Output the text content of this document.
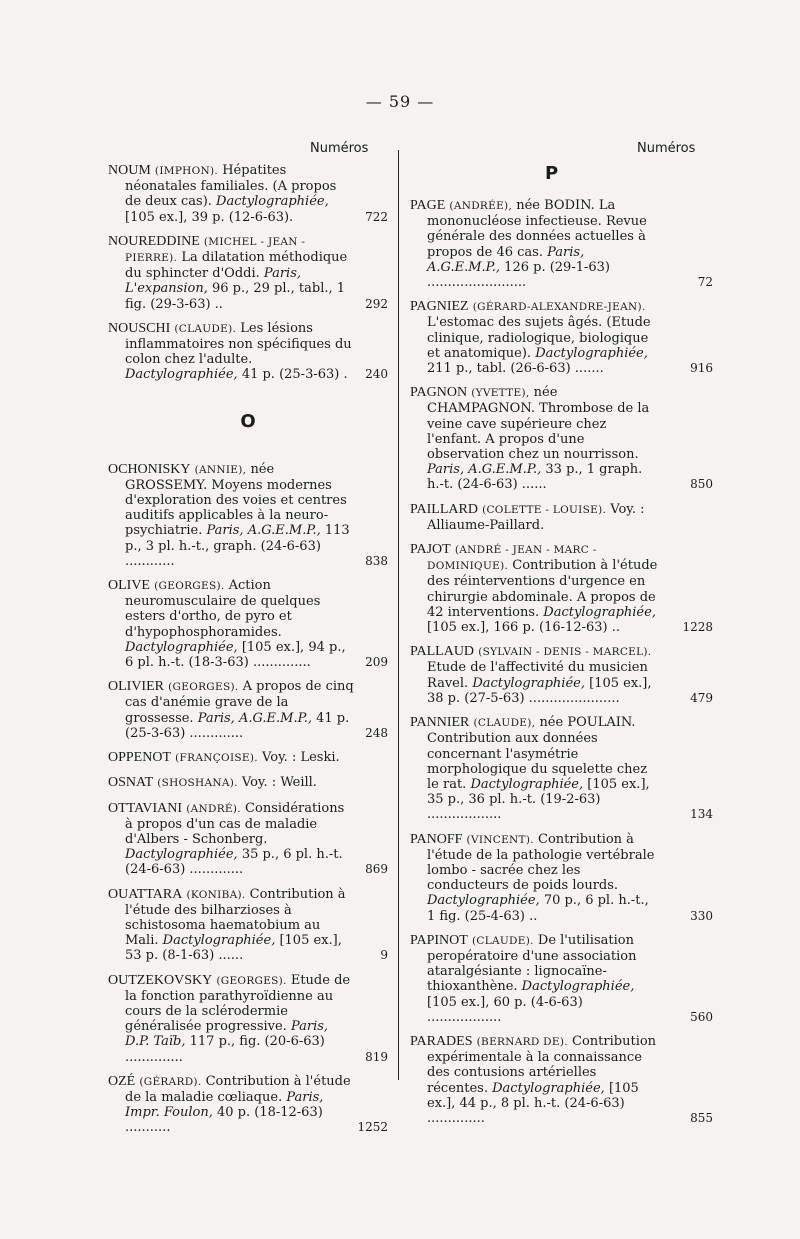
— 59 —
Numéros	Numéros
NOUM (IMPHON). Hépatites néonatales familiales. (A propos de deux cas). Dactylographiée, [105 ex.], 39 p. (12-6-63).	722
NOUREDDINE (MICHEL - JEAN - PIERRE). La dilatation méthodique du sphincter d'Oddi. Paris, L'expansion, 96 p., 29 pl., tabl., 1 fig. (29-3-63) ..	292
NOUSCHI (CLAUDE). Les lésions inflammatoires non spécifiques du colon chez l'adulte. Dactylographiée, 41 p. (25-3-63) .	240
O
OCHONISKY (ANNIE), née GROSSEMY. Moyens modernes d'exploration des voies et centres auditifs applicables à la neuro-psychiatrie. Paris, A.G.E.M.P., 113 p., 3 pl. h.-t., graph. (24-6-63) ............	838
OLIVE (GEORGES). Action neuromusculaire de quelques esters d'ortho, de pyro et d'hypophosphoramides. Dactylographiée, [105 ex.], 94 p., 6 pl. h.-t. (18-3-63) ..............	209
OLIVIER (GEORGES). A propos de cinq cas d'anémie grave de la grossesse. Paris, A.G.E.M.P., 41 p. (25-3-63) .............	248
OPPENOT (FRANÇOISE). Voy. : Leski.
OSNAT (SHOSHANA). Voy. : Weill.
OTTAVIANI (ANDRÉ). Considérations à propos d'un cas de maladie d'Albers - Schonberg. Dactylographiée, 35 p., 6 pl. h.-t. (24-6-63) .............	869
OUATTARA (KONIBA). Contribution à l'étude des bilharzioses à schistosoma haematobium au Mali. Dactylographiée, [105 ex.], 53 p. (8-1-63) ......	9
OUTZEKOVSKY (GEORGES). Etude de la fonction parathyroïdienne au cours de la sclérodermie généralisée progressive. Paris, D.P. Taïb, 117 p., fig. (20-6-63) ..............	819
OZÉ (GÉRARD). Contribution à l'étude de la maladie cœliaque. Paris, Impr. Foulon, 40 p. (18-12-63) ...........	1252
P
PAGE (ANDRÉE), née BODIN. La mononucléose infectieuse. Revue générale des données actuelles à propos de 46 cas. Paris, A.G.E.M.P., 126 p. (29-1-63) ........................	72
PAGNIEZ (GÉRARD-ALEXANDRE-JEAN). L'estomac des sujets âgés. (Etude clinique, radiologique, biologique et anatomique). Dactylographiée, 211 p., tabl. (26-6-63) .......	916
PAGNON (YVETTE), née CHAMPAGNON. Thrombose de la veine cave supérieure chez l'enfant. A propos d'une observation chez un nourrisson. Paris, A.G.E.M.P., 33 p., 1 graph. h.-t. (24-6-63) ......	850
PAILLARD (COLETTE - LOUISE). Voy. : Alliaume-Paillard.
PAJOT (ANDRÉ - JEAN - MARC - DOMINIQUE). Contribution à l'étude des réinterventions d'urgence en chirurgie abdominale. A propos de 42 interventions. Dactylographiée, [105 ex.], 166 p. (16-12-63) ..	1228
PALLAUD (SYLVAIN - DENIS - MARCEL). Etude de l'affectivité du musicien Ravel. Dactylographiée, [105 ex.], 38 p. (27-5-63) ......................	479
PANNIER (CLAUDE), née POULAIN. Contribution aux données concernant l'asymétrie morphologique du squelette chez le rat. Dactylographiée, [105 ex.], 35 p., 36 pl. h.-t. (19-2-63) ..................	134
PANOFF (VINCENT). Contribution à l'étude de la pathologie vertébrale lombo - sacrée chez les conducteurs de poids lourds. Dactylographiée, 70 p., 6 pl. h.-t., 1 fig. (25-4-63) ..	330
PAPINOT (CLAUDE). De l'utilisation peropératoire d'une association ataralgésiante : lignocaïne-thioxanthène. Dactylographiée, [105 ex.], 60 p. (4-6-63) ..................	560
PARADES (BERNARD DE). Contribution expérimentale à la connaissance des contusions artérielles récentes. Dactylographiée, [105 ex.], 44 p., 8 pl. h.-t. (24-6-63) ..............	855
